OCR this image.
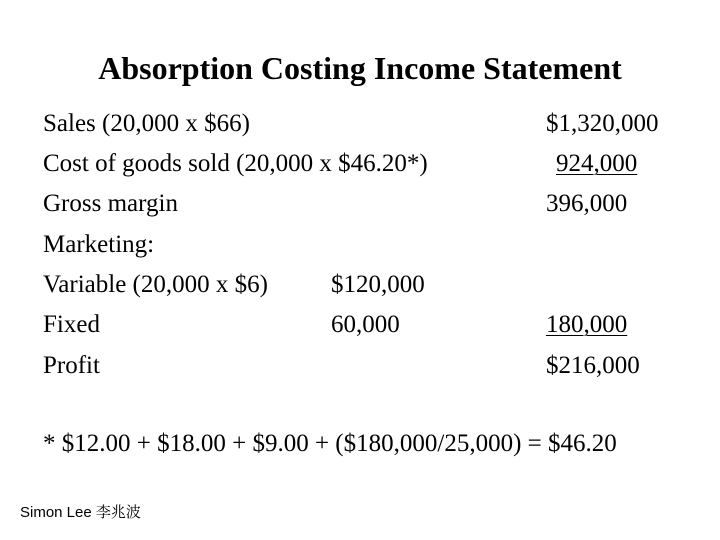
Absorption Costing Income Statement
Sales (20,000 x $66)	$1,320,000
Cost of goods sold (20,000 x $46.20*)	924,000
Gross margin	396,000
Marketing:
Variable (20,000 x $6)	$120,000
Fixed	60,000	180,000
Profit	$216,000
* $12.00 + $18.00 + $9.00 + ($180,000/25,000) = $46.20
Simon Lee 李兆波
